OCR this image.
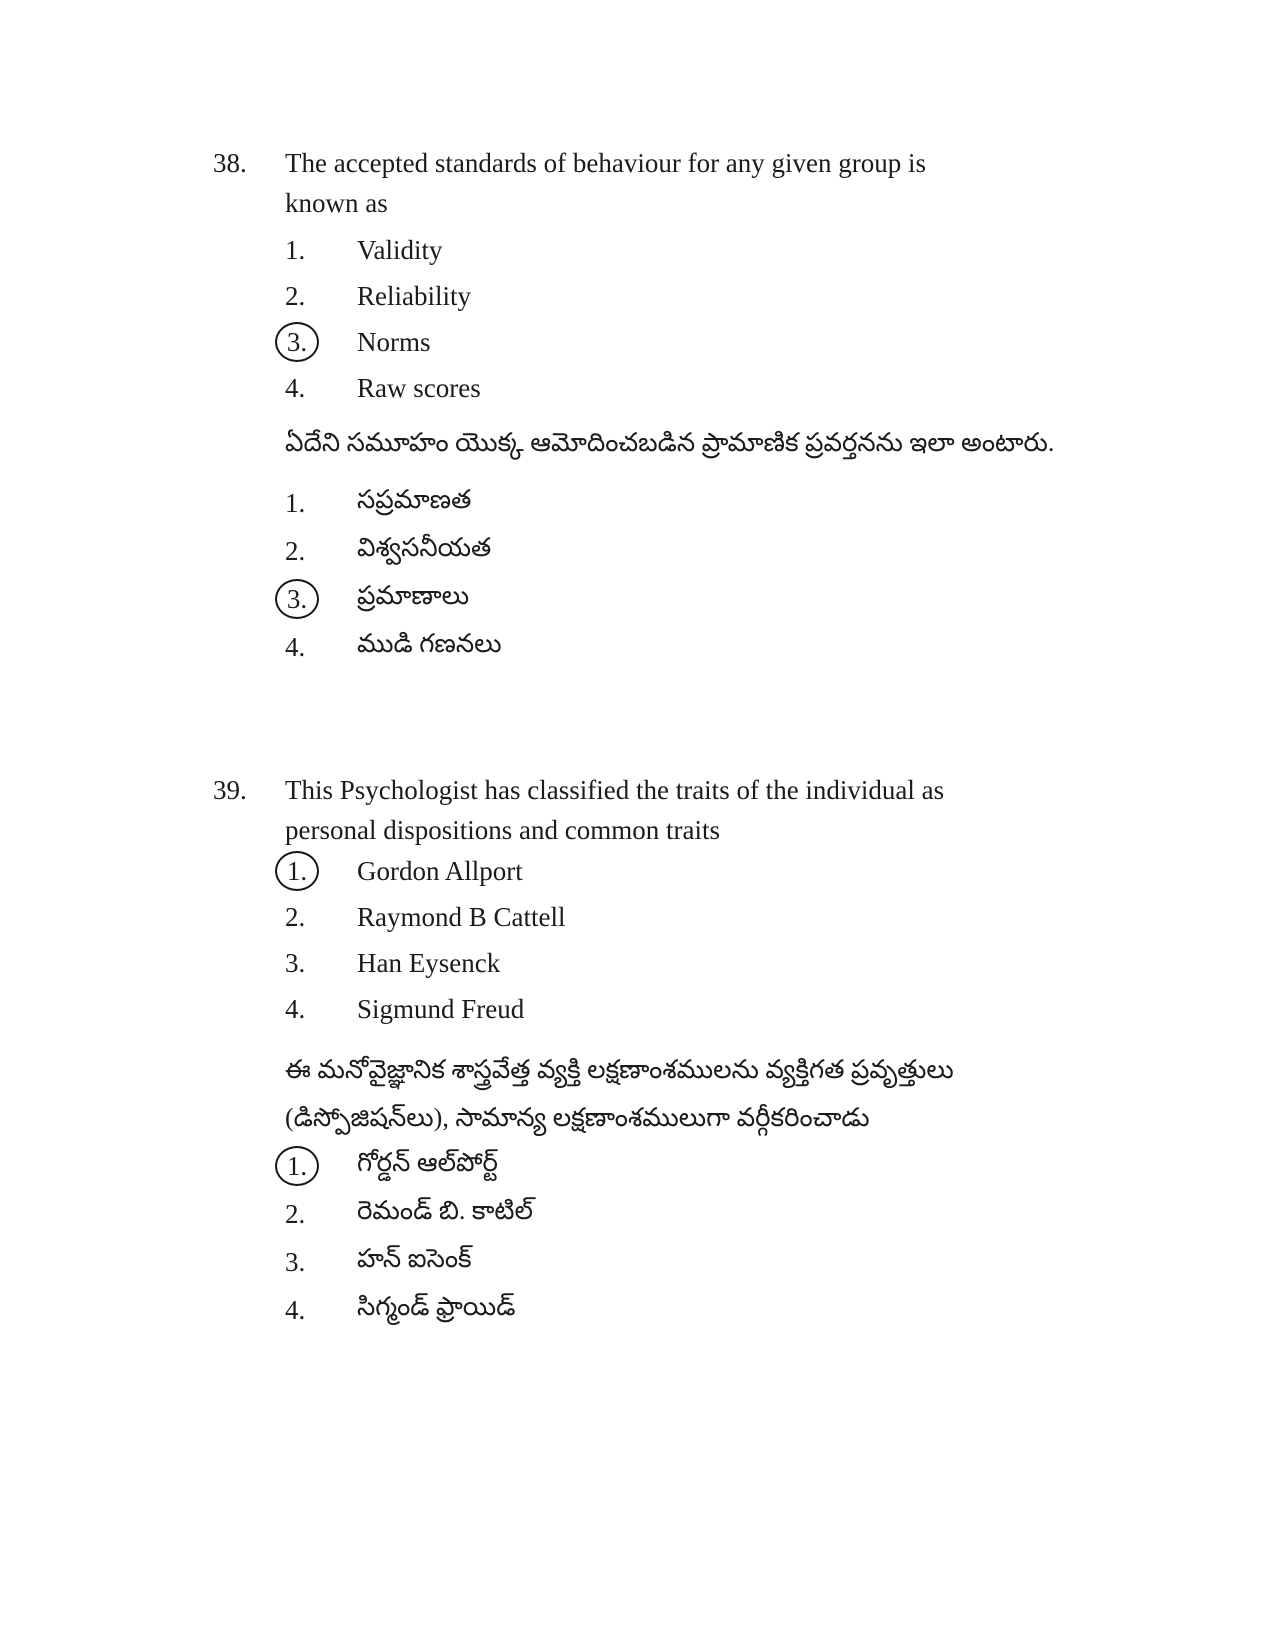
38.	The accepted standards of behaviour for any given group is
known as
1. Validity
2. Reliability
3.	Norms
4. Raw scores
ఏదేని సమూహం యొక్క ఆమోదించబడిన ప్రామాణిక ప్రవర్తనను ఇలా అంటారు.
1. సప్రమాణత
2. విశ్వసనీయత
3.	ప్రమాణాలు
4. ముడి గణనలు
39.	This Psychologist has classified the traits of the individual as
personal dispositions and common traits
1.	Gordon Allport
2. Raymond B Cattell
3. Han Eysenck
4. Sigmund Freud
ఈ మనోవైజ్ఞానిక శాస్త్రవేత్త వ్యక్తి లక్షణాంశములను వ్యక్తిగత ప్రవృత్తులు
(డిస్పోజిషన్‌లు), సామాన్య లక్షణాంశములుగా వర్గీకరించాడు
1.	గోర్డన్ ఆల్‌పోర్ట్
2. రెమండ్ బి. కాటిల్
3. హన్ ఐసెంక్
4. సిగ్మండ్ ఫ్రాయిడ్
